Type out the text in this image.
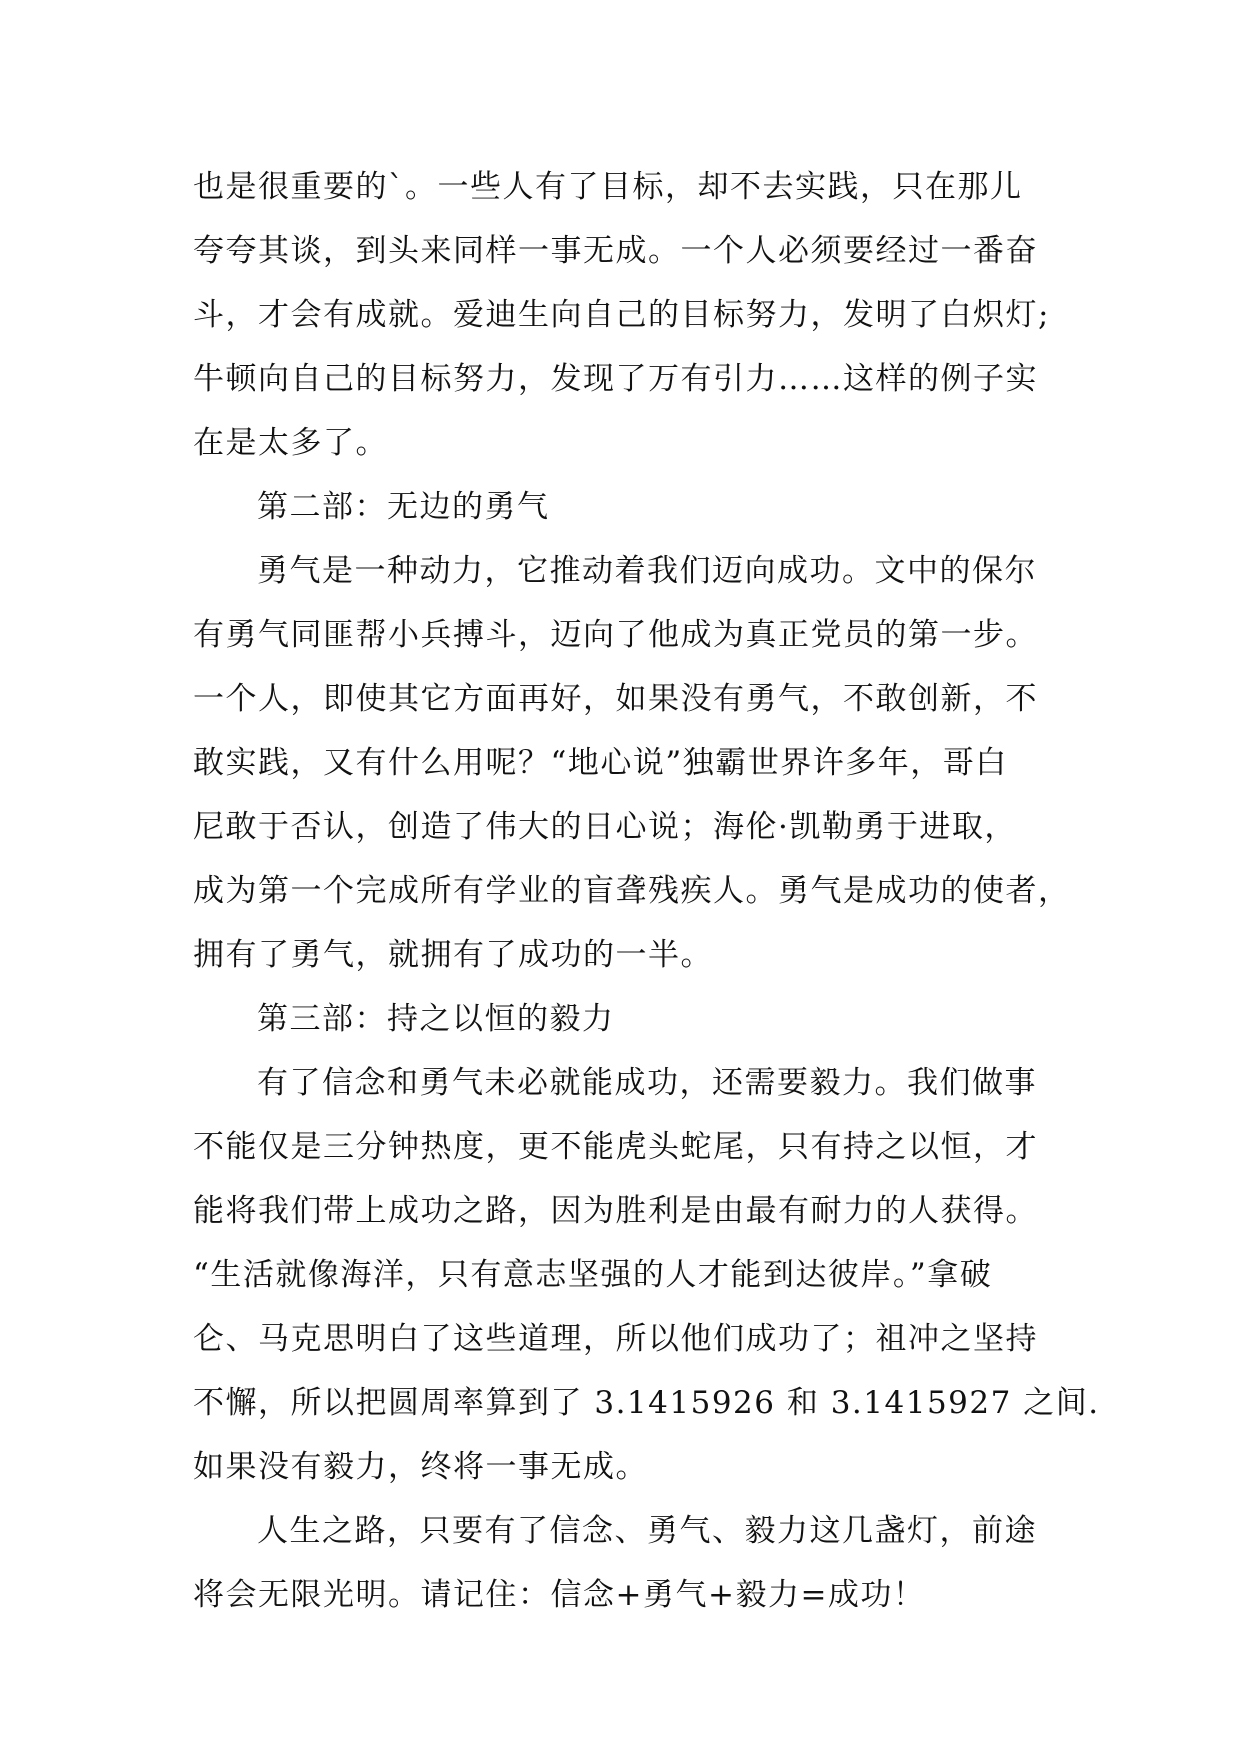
也是很重要的`。一些人有了目标，却不去实践，只在那儿
夸夸其谈，到头来同样一事无成。一个人必须要经过一番奋
斗，才会有成就。爱迪生向自己的目标努力，发明了白炽灯;
牛顿向自己的目标努力，发现了万有引力……这样的例子实
在是太多了。
第二部：无边的勇气
勇气是一种动力，它推动着我们迈向成功。文中的保尔
有勇气同匪帮小兵搏斗，迈向了他成为真正党员的第一步。
一个人，即使其它方面再好，如果没有勇气，不敢创新，不
敢实践，又有什么用呢？“地心说”独霸世界许多年，哥白
尼敢于否认，创造了伟大的日心说；海伦·凯勒勇于进取，
成为第一个完成所有学业的盲聋残疾人。勇气是成功的使者，
拥有了勇气，就拥有了成功的一半。
第三部：持之以恒的毅力
有了信念和勇气未必就能成功，还需要毅力。我们做事
不能仅是三分钟热度，更不能虎头蛇尾，只有持之以恒，才
能将我们带上成功之路，因为胜利是由最有耐力的人获得。
“生活就像海洋，只有意志坚强的人才能到达彼岸。”拿破
仑、马克思明白了这些道理，所以他们成功了；祖冲之坚持
不懈，所以把圆周率算到了 3.1415926 和 3.1415927 之间.
如果没有毅力，终将一事无成。
人生之路，只要有了信念、勇气、毅力这几盏灯，前途
将会无限光明。请记住：信念+勇气+毅力=成功！
